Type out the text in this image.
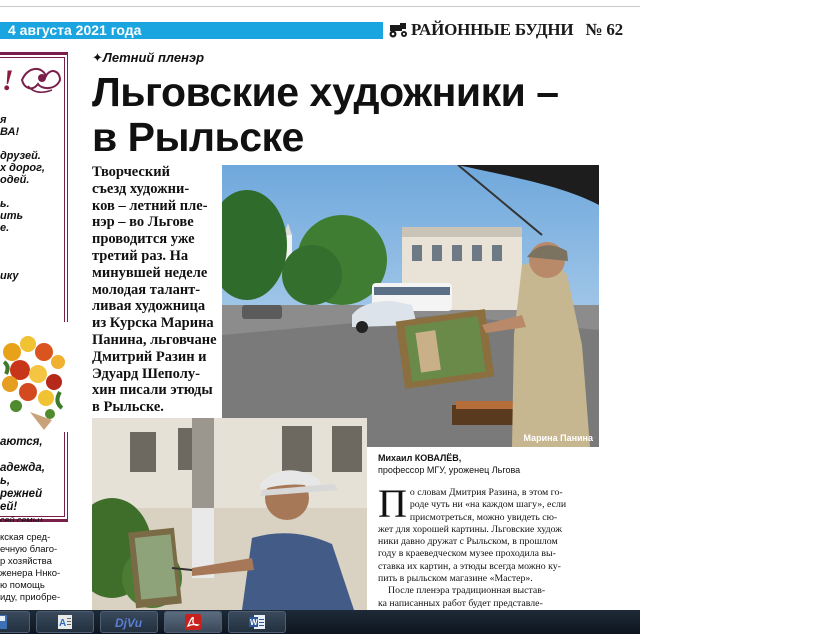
4 августа 2021 года	РАЙОННЫЕ БУДНИ № 62
!
я
ВА!

друзей.
х дорог,
одей.

ь.
ить
е.

ику
аются,

адежда,
ь,
режней
ей!
сей семьи
кская сред-
ечную благо-
р хозяйства
женера Ннко-
ю помощь
иду, приобре-
✦Летний пленэр
Льговские художники –
в Рыльске
Творческий
съезд художни-
ков – летний пле-
нэр – во Льгове
проводится уже
третий раз. На
минувшей неделе
молодая талант-
ливая художница
из Курска Марина
Панина, льговчане
Дмитрий Разин и
Эдуард Шеполу-
хин писали этюды
в Рыльске.
Марина Панина
Михаил КОВАЛЁВ,
профессор МГУ, уроженец Льгова
П о словам Дмитрия Разина, в этом го-
роде чуть ни «на каждом шагу», если
присмотреться, можно увидеть сю-
жет для хорошей картины. Льговские худож
ники давно дружат с Рыльском, в прошлом
году в краеведческом музее проходила вы-
ставка их картин, а этюды всегда можно ку-
пить в рыльском магазине «Мастер».
После пленэра традиционная выстав-
ка написанных работ будет представле-
A	DjVu	W
